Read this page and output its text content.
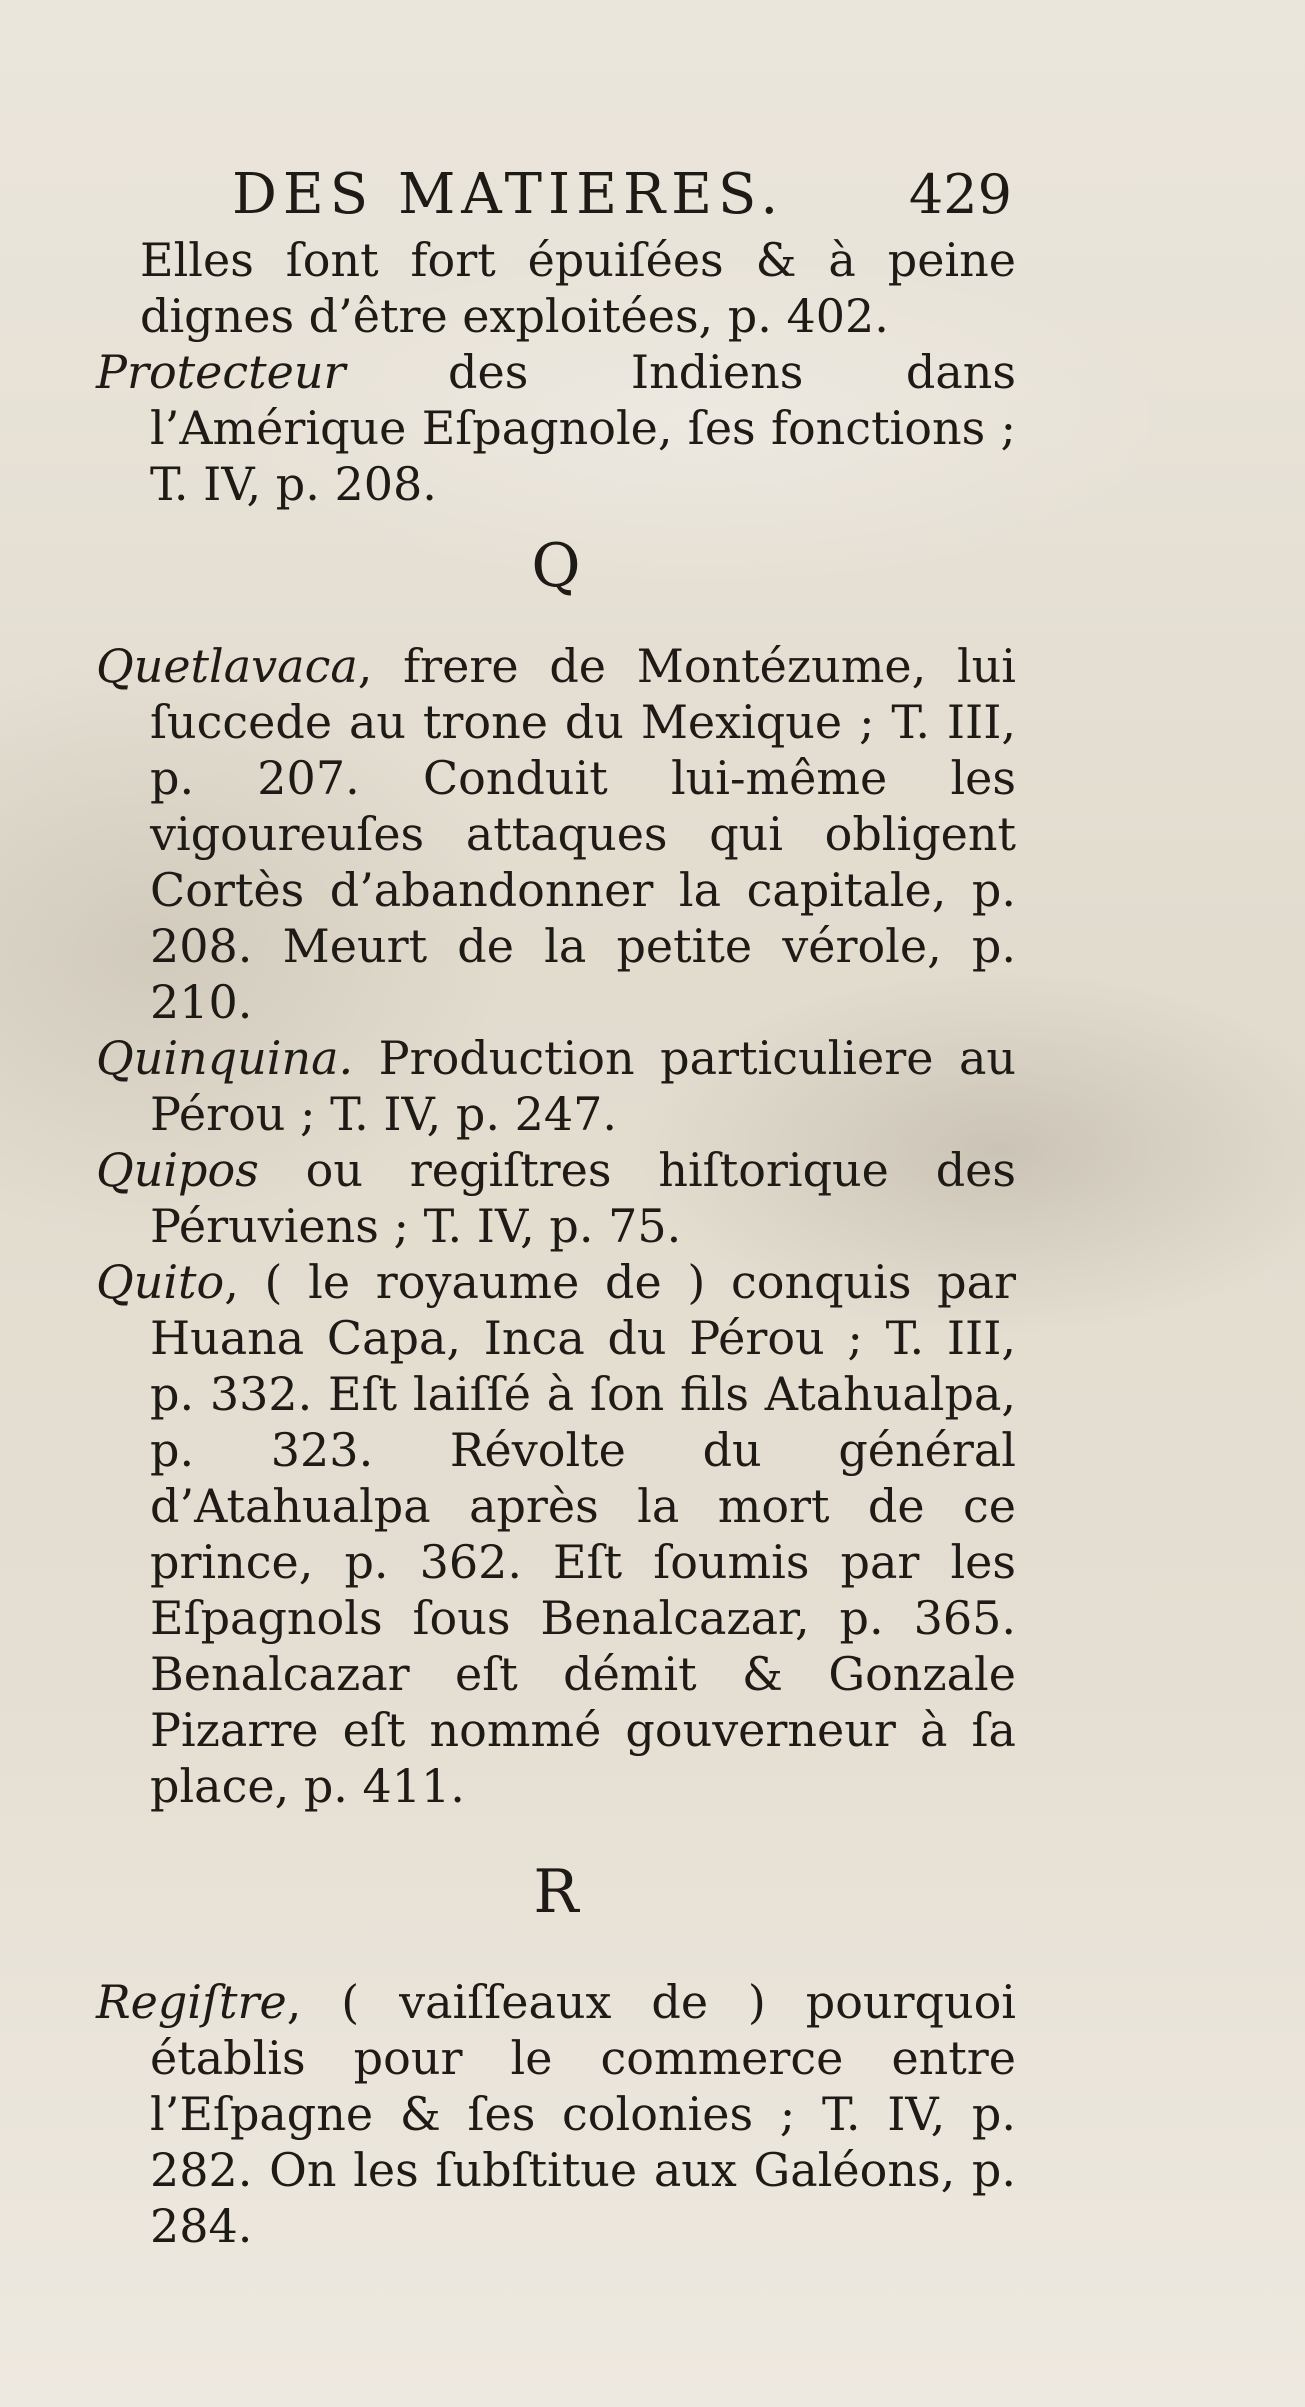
DES MATIERES. 429

Elles ſont fort épuiſées & à peine dignes d’être exploitées, p. 402.

Protecteur des Indiens dans l’Amérique Eſpagnole, ſes fonctions ; T. IV, p. 208.

Q

Quetlavaca, frere de Montézume, lui ſuccede au trone du Mexique ; T. III, p. 207. Conduit lui-même les vigoureuſes attaques qui obligent Cortès d’abandonner la capitale, p. 208. Meurt de la petite vérole, p. 210.

Quinquina. Production particuliere au Pérou ; T. IV, p. 247.

Quipos ou regiſtres hiſtorique des Péruviens ; T. IV, p. 75.

Quito, ( le royaume de ) conquis par Huana Capa, Inca du Pérou ; T. III, p. 332. Eſt laiſſé à ſon fils Atahualpa, p. 323. Révolte du général d’Atahualpa après la mort de ce prince, p. 362. Eſt ſoumis par les Eſpagnols ſous Benalcazar, p. 365. Benalcazar eſt démit & Gonzale Pizarre eſt nommé gouverneur à ſa place, p. 411.

R

Regiſtre, ( vaiſſeaux de ) pourquoi établis pour le commerce entre l’Eſpagne & ſes colonies ; T. IV, p. 282. On les ſubſtitue aux Galéons, p. 284.
